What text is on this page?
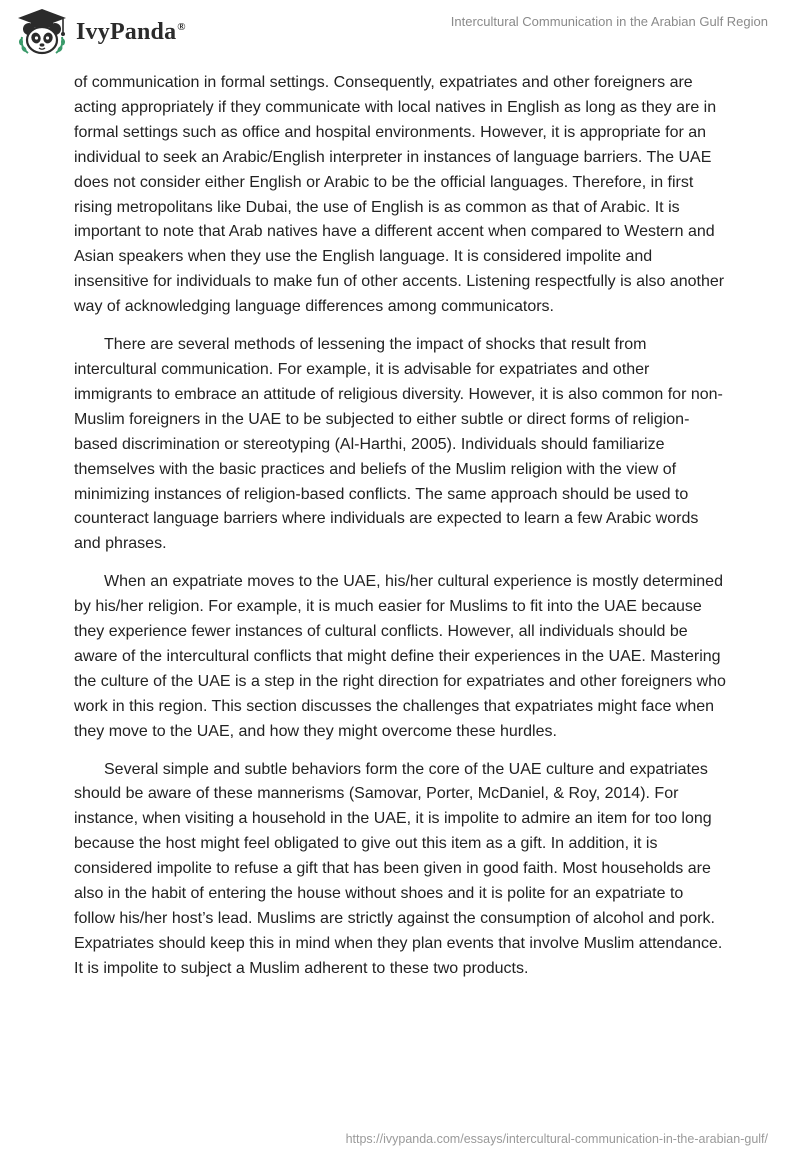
IvyPanda®	Intercultural Communication in the Arabian Gulf Region

of communication in formal settings. Consequently, expatriates and other foreigners are acting appropriately if they communicate with local natives in English as long as they are in formal settings such as office and hospital environments. However, it is appropriate for an individual to seek an Arabic/English interpreter in instances of language barriers. The UAE does not consider either English or Arabic to be the official languages. Therefore, in first rising metropolitans like Dubai, the use of English is as common as that of Arabic. It is important to note that Arab natives have a different accent when compared to Western and Asian speakers when they use the English language. It is considered impolite and insensitive for individuals to make fun of other accents. Listening respectfully is also another way of acknowledging language differences among communicators.

There are several methods of lessening the impact of shocks that result from intercultural communication. For example, it is advisable for expatriates and other immigrants to embrace an attitude of religious diversity. However, it is also common for non-Muslim foreigners in the UAE to be subjected to either subtle or direct forms of religion-based discrimination or stereotyping (Al-Harthi, 2005). Individuals should familiarize themselves with the basic practices and beliefs of the Muslim religion with the view of minimizing instances of religion-based conflicts. The same approach should be used to counteract language barriers where individuals are expected to learn a few Arabic words and phrases.

When an expatriate moves to the UAE, his/her cultural experience is mostly determined by his/her religion. For example, it is much easier for Muslims to fit into the UAE because they experience fewer instances of cultural conflicts. However, all individuals should be aware of the intercultural conflicts that might define their experiences in the UAE. Mastering the culture of the UAE is a step in the right direction for expatriates and other foreigners who work in this region. This section discusses the challenges that expatriates might face when they move to the UAE, and how they might overcome these hurdles.

Several simple and subtle behaviors form the core of the UAE culture and expatriates should be aware of these mannerisms (Samovar, Porter, McDaniel, & Roy, 2014). For instance, when visiting a household in the UAE, it is impolite to admire an item for too long because the host might feel obligated to give out this item as a gift. In addition, it is considered impolite to refuse a gift that has been given in good faith. Most households are also in the habit of entering the house without shoes and it is polite for an expatriate to follow his/her host’s lead. Muslims are strictly against the consumption of alcohol and pork. Expatriates should keep this in mind when they plan events that involve Muslim attendance. It is impolite to subject a Muslim adherent to these two products.

https://ivypanda.com/essays/intercultural-communication-in-the-arabian-gulf/
